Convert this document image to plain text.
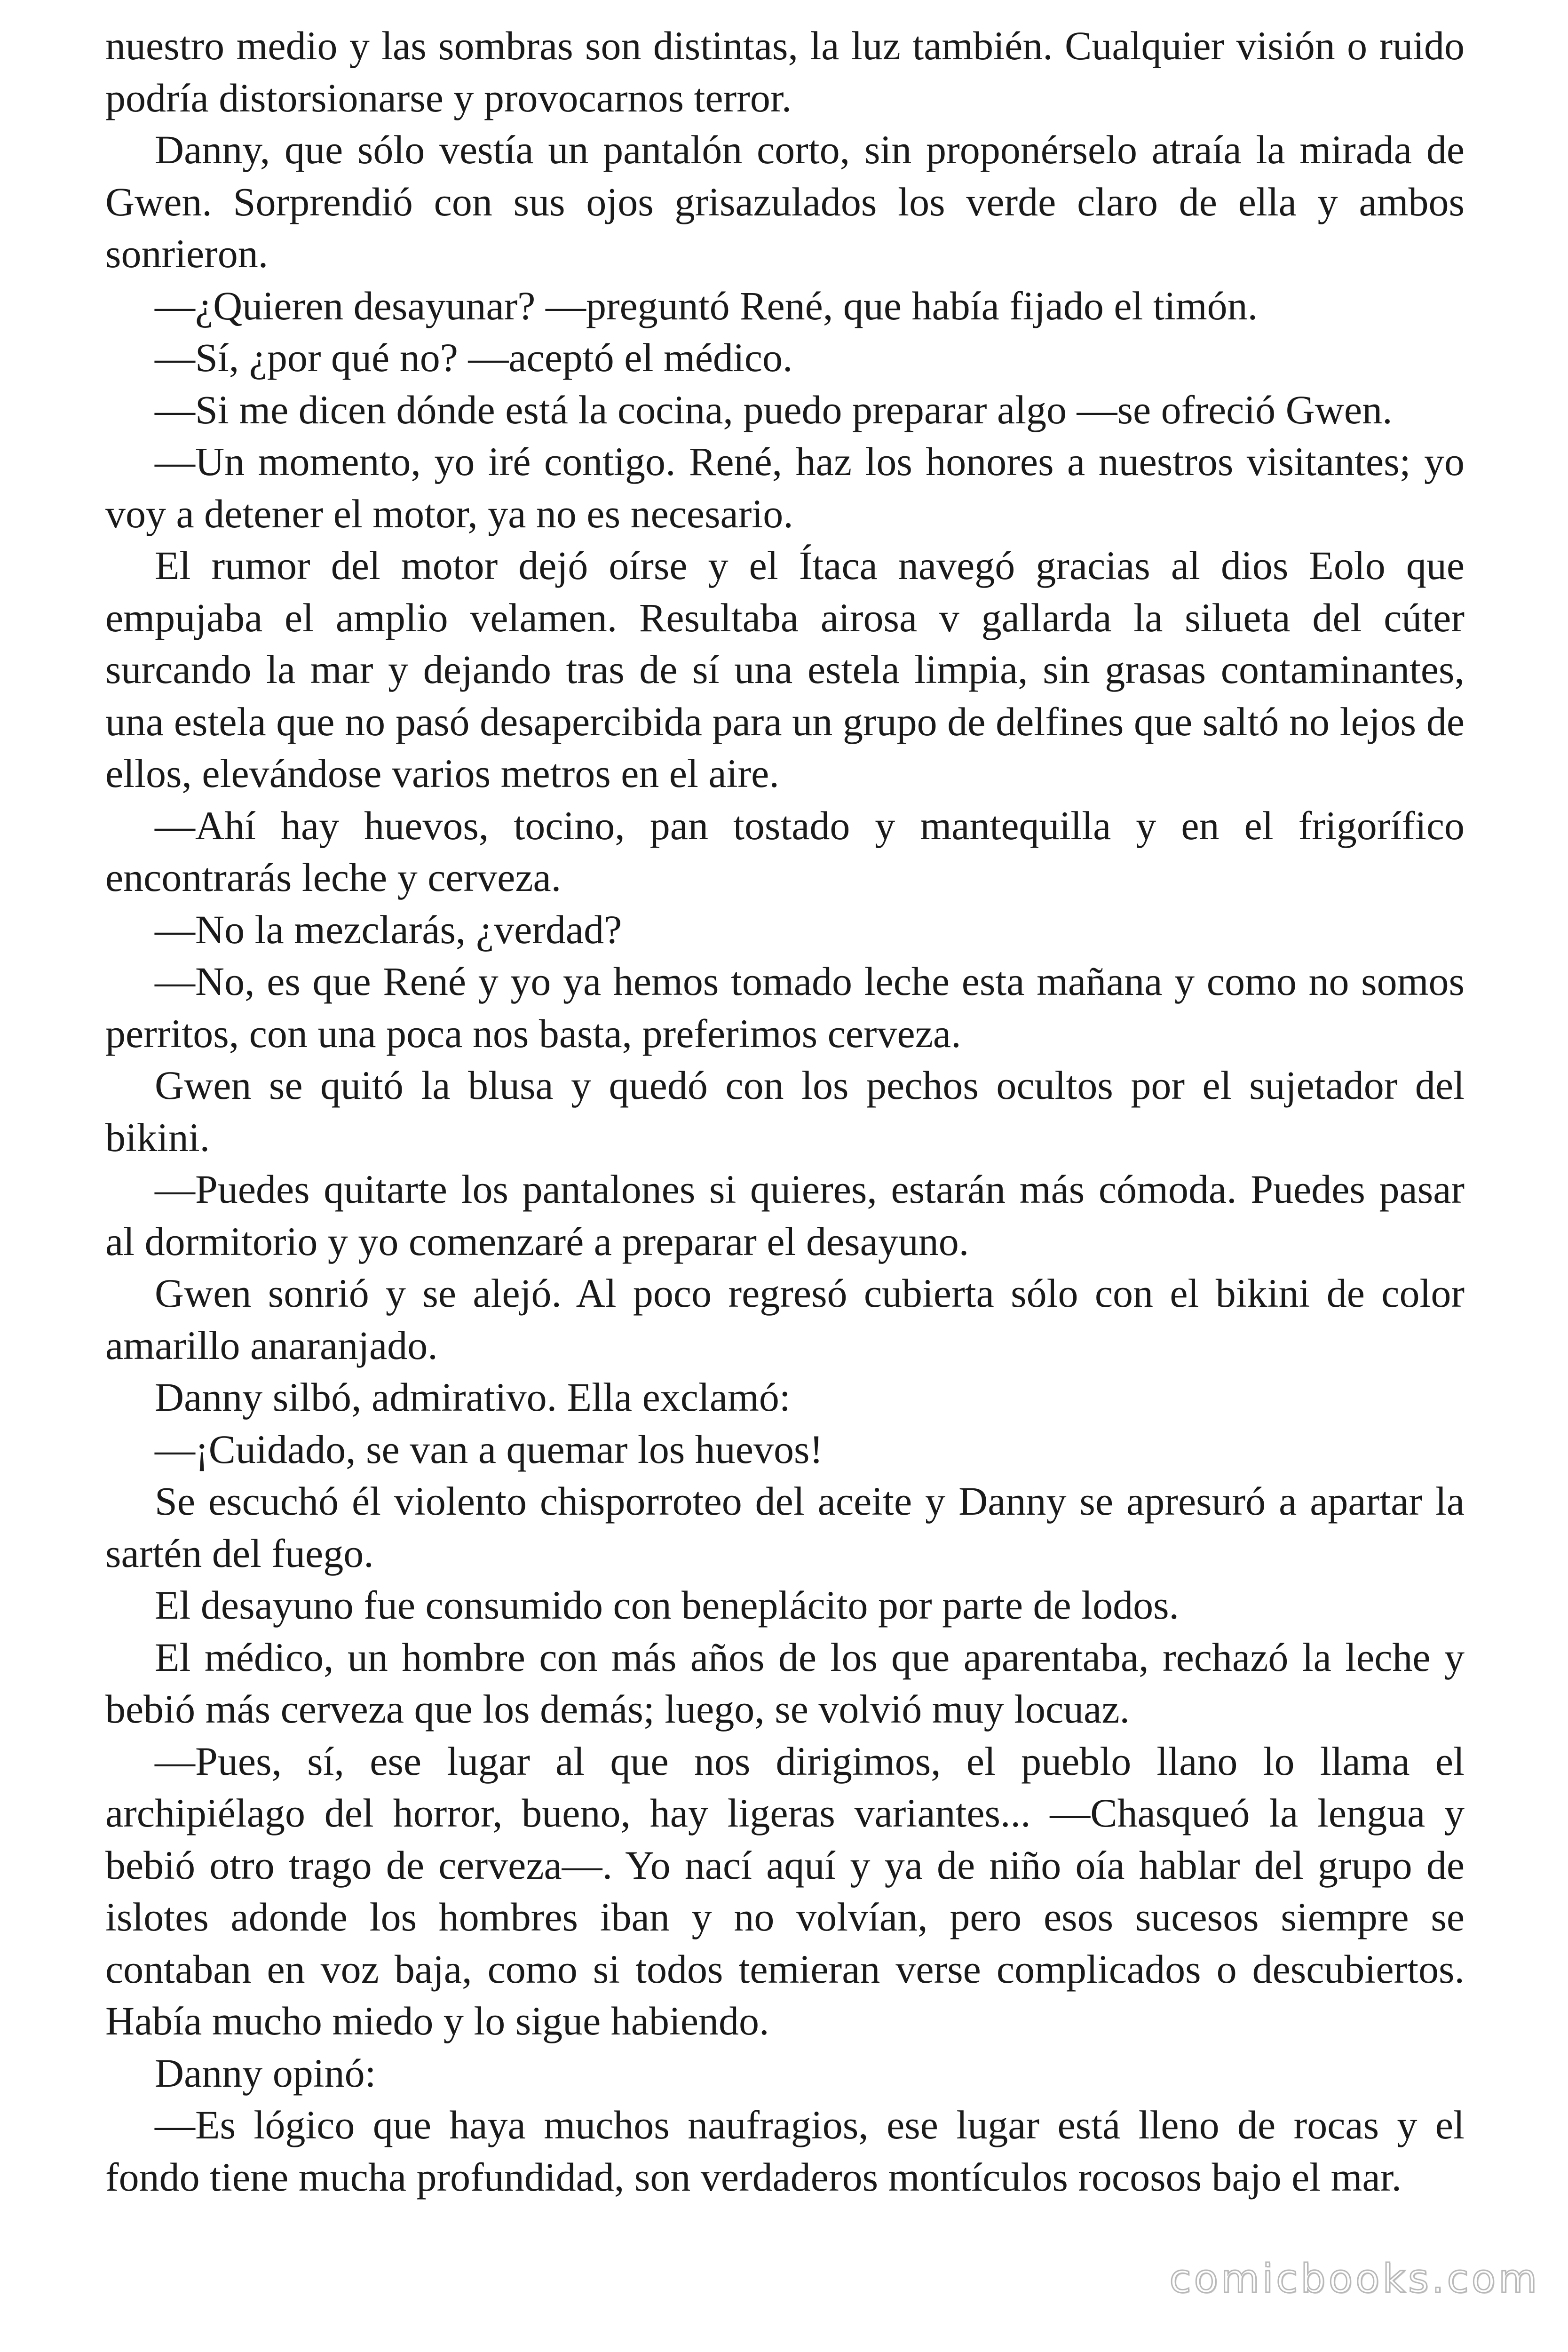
nuestro medio y las sombras son distintas, la luz también. Cualquier visión o ruido podría distorsionarse y provocarnos terror.

Danny, que sólo vestía un pantalón corto, sin proponérselo atraía la mirada de Gwen. Sorprendió con sus ojos grisazulados los verde claro de ella y ambos sonrieron.

—¿Quieren desayunar? —preguntó René, que había fijado el timón.

—Sí, ¿por qué no? —aceptó el médico.

—Si me dicen dónde está la cocina, puedo preparar algo —se ofreció Gwen.

—Un momento, yo iré contigo. René, haz los honores a nuestros visitantes; yo voy a detener el motor, ya no es necesario.

El rumor del motor dejó oírse y el Ítaca navegó gracias al dios Eolo que empujaba el amplio velamen. Resultaba airosa v gallarda la silueta del cúter surcando la mar y dejando tras de sí una estela limpia, sin grasas contaminantes, una estela que no pasó desapercibida para un grupo de delfines que saltó no lejos de ellos, elevándose varios metros en el aire.

—Ahí hay huevos, tocino, pan tostado y mantequilla y en el frigorífico encontrarás leche y cerveza.

—No la mezclarás, ¿verdad?

—No, es que René y yo ya hemos tomado leche esta mañana y como no somos perritos, con una poca nos basta, preferimos cerveza.

Gwen se quitó la blusa y quedó con los pechos ocultos por el sujetador del bikini.

—Puedes quitarte los pantalones si quieres, estarán más cómoda. Puedes pasar al dormitorio y yo comenzaré a preparar el desayuno.

Gwen sonrió y se alejó. Al poco regresó cubierta sólo con el bikini de color amarillo anaranjado.

Danny silbó, admirativo. Ella exclamó:

—¡Cuidado, se van a quemar los huevos!

Se escuchó él violento chisporroteo del aceite y Danny se apresuró a apartar la sartén del fuego.

El desayuno fue consumido con beneplácito por parte de lodos.

El médico, un hombre con más años de los que aparentaba, rechazó la leche y bebió más cerveza que los demás; luego, se volvió muy locuaz.

—Pues, sí, ese lugar al que nos dirigimos, el pueblo llano lo llama el archipiélago del horror, bueno, hay ligeras variantes... —Chasqueó la lengua y bebió otro trago de cerveza—. Yo nací aquí y ya de niño oía hablar del grupo de islotes adonde los hombres iban y no volvían, pero esos sucesos siempre se contaban en voz baja, como si todos temieran verse complicados o descubiertos. Había mucho miedo y lo sigue habiendo.

Danny opinó:

—Es lógico que haya muchos naufragios, ese lugar está lleno de rocas y el fondo tiene mucha profundidad, son verdaderos montículos rocosos bajo el mar.

comicbooks.com
